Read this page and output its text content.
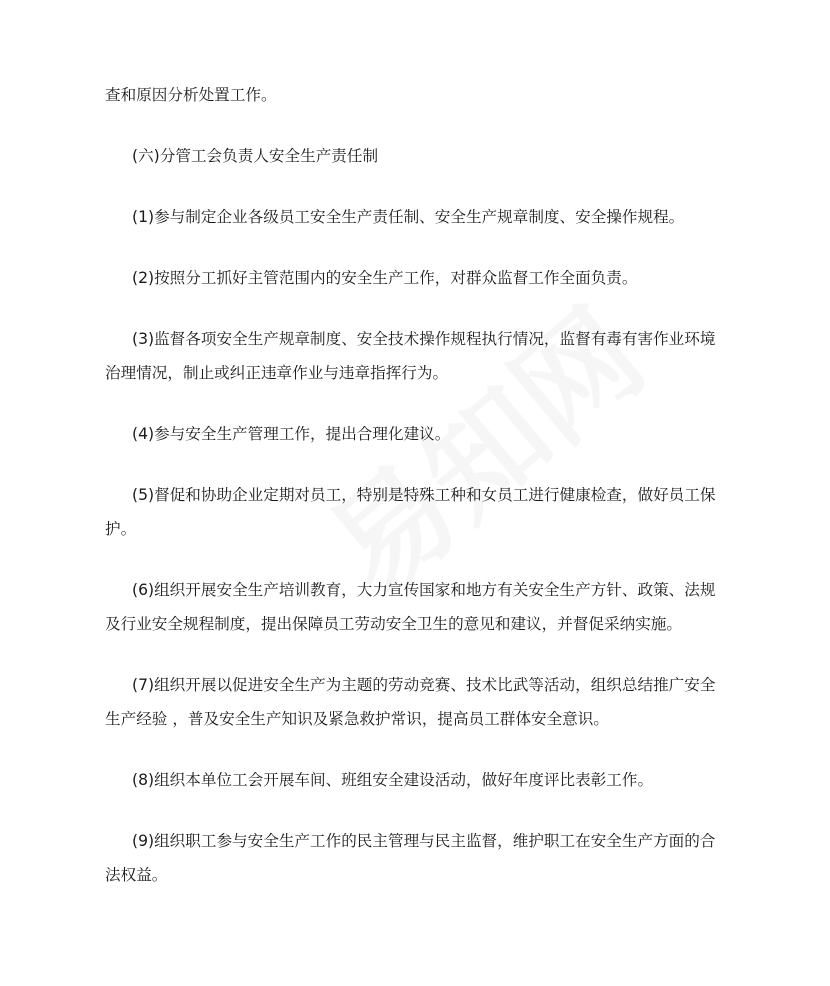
查和原因分析处置工作。
(六)分管工会负责人安全生产责任制
(1)参与制定企业各级员工安全生产责任制、安全生产规章制度、安全操作规程。
(2)按照分工抓好主管范围内的安全生产工作，对群众监督工作全面负责。
(3)监督各项安全生产规章制度、安全技术操作规程执行情况，监督有毒有害作业环境
治理情况，制止或纠正违章作业与违章指挥行为。
(4)参与安全生产管理工作，提出合理化建议。
(5)督促和协助企业定期对员工，特别是特殊工种和女员工进行健康检查，做好员工保
护。
(6)组织开展安全生产培训教育，大力宣传国家和地方有关安全生产方针、政策、法规
及行业安全规程制度，提出保障员工劳动安全卫生的意见和建议，并督促采纳实施。
(7)组织开展以促进安全生产为主题的劳动竞赛、技术比武等活动，组织总结推广安全
生产经验 ，普及安全生产知识及紧急救护常识，提高员工群体安全意识。
(8)组织本单位工会开展车间、班组安全建设活动，做好年度评比表彰工作。
(9)组织职工参与安全生产工作的民主管理与民主监督，维护职工在安全生产方面的合
法权益。
